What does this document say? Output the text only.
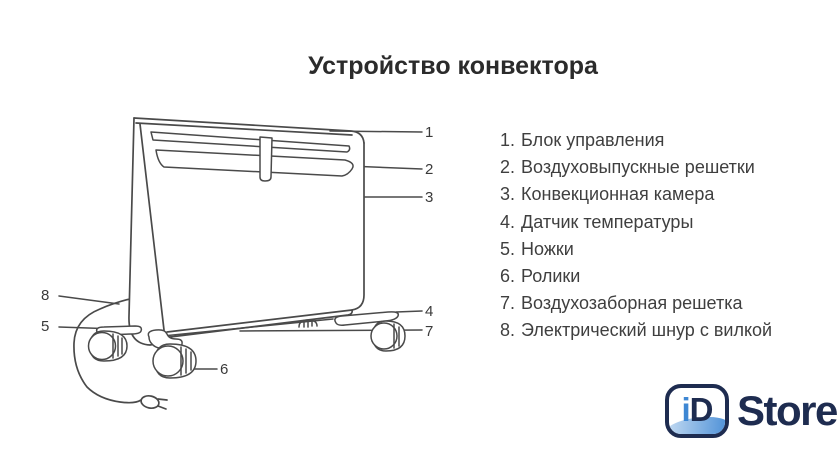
Устройство конвектора
1
2
3
4
7
8
5
6
1. Блок управления
2. Воздуховыпускные решетки
3. Конвекционная камера
4. Датчик температуры
5. Ножки
6. Ролики
7. Воздухозаборная решетка
8. Электрический шнур с вилкой
i D Store
